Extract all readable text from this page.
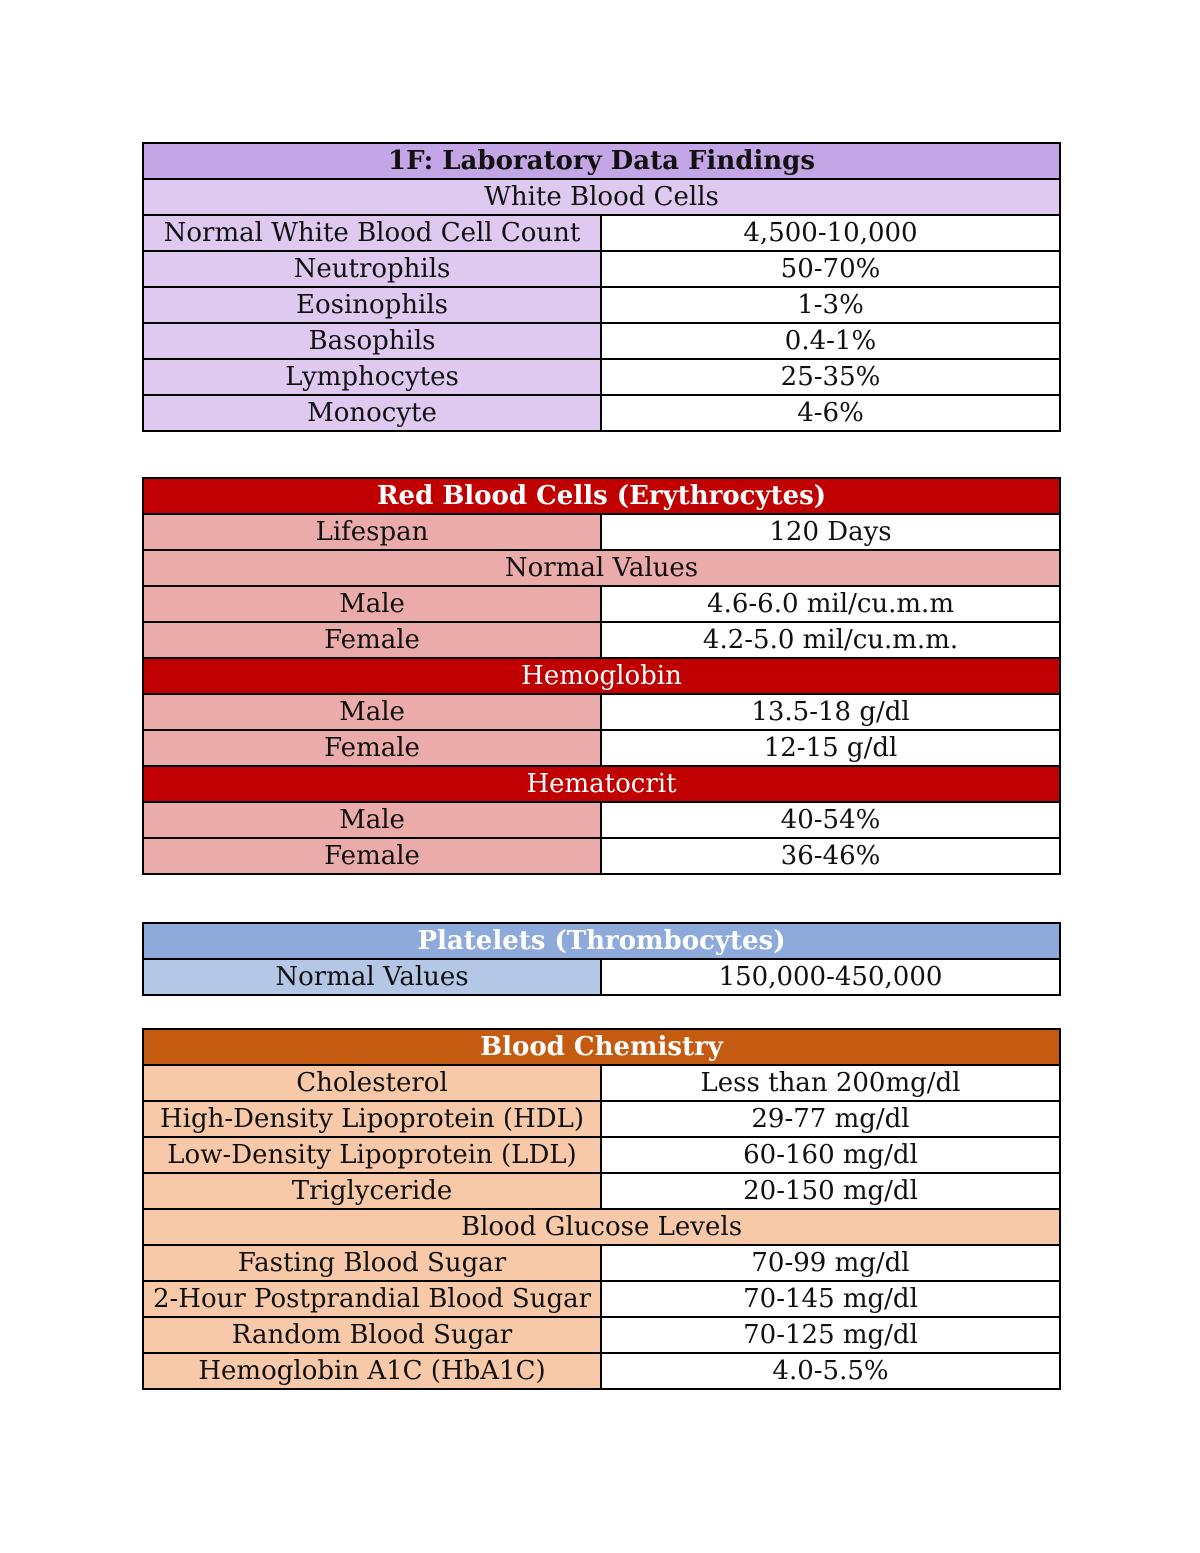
1F: Laboratory Data Findings	
White Blood Cells	
Normal White Blood Cell Count	4,500-10,000
Neutrophils	50-70%
Eosinophils	1-3%
Basophils	0.4-1%
Lymphocytes	25-35%
Monocyte	4-6%
Red Blood Cells (Erythrocytes)	
Lifespan	120 Days
Normal Values	
Male	4.6-6.0 mil/cu.m.m
Female	4.2-5.0 mil/cu.m.m.
Hemoglobin	
Male	13.5-18 g/dl
Female	12-15 g/dl
Hematocrit	
Male	40-54%
Female	36-46%
Platelets (Thrombocytes)
Normal Values	150,000-450,000
Blood Chemistry	
Cholesterol	Less than 200mg/dl
High-Density Lipoprotein (HDL)	29-77 mg/dl
Low-Density Lipoprotein (LDL)	60-160 mg/dl
Triglyceride	20-150 mg/dl
Blood Glucose Levels	
Fasting Blood Sugar	70-99 mg/dl
2-Hour Postprandial Blood Sugar	70-145 mg/dl
Random Blood Sugar	70-125 mg/dl
Hemoglobin A1C (HbA1C)	4.0-5.5%
